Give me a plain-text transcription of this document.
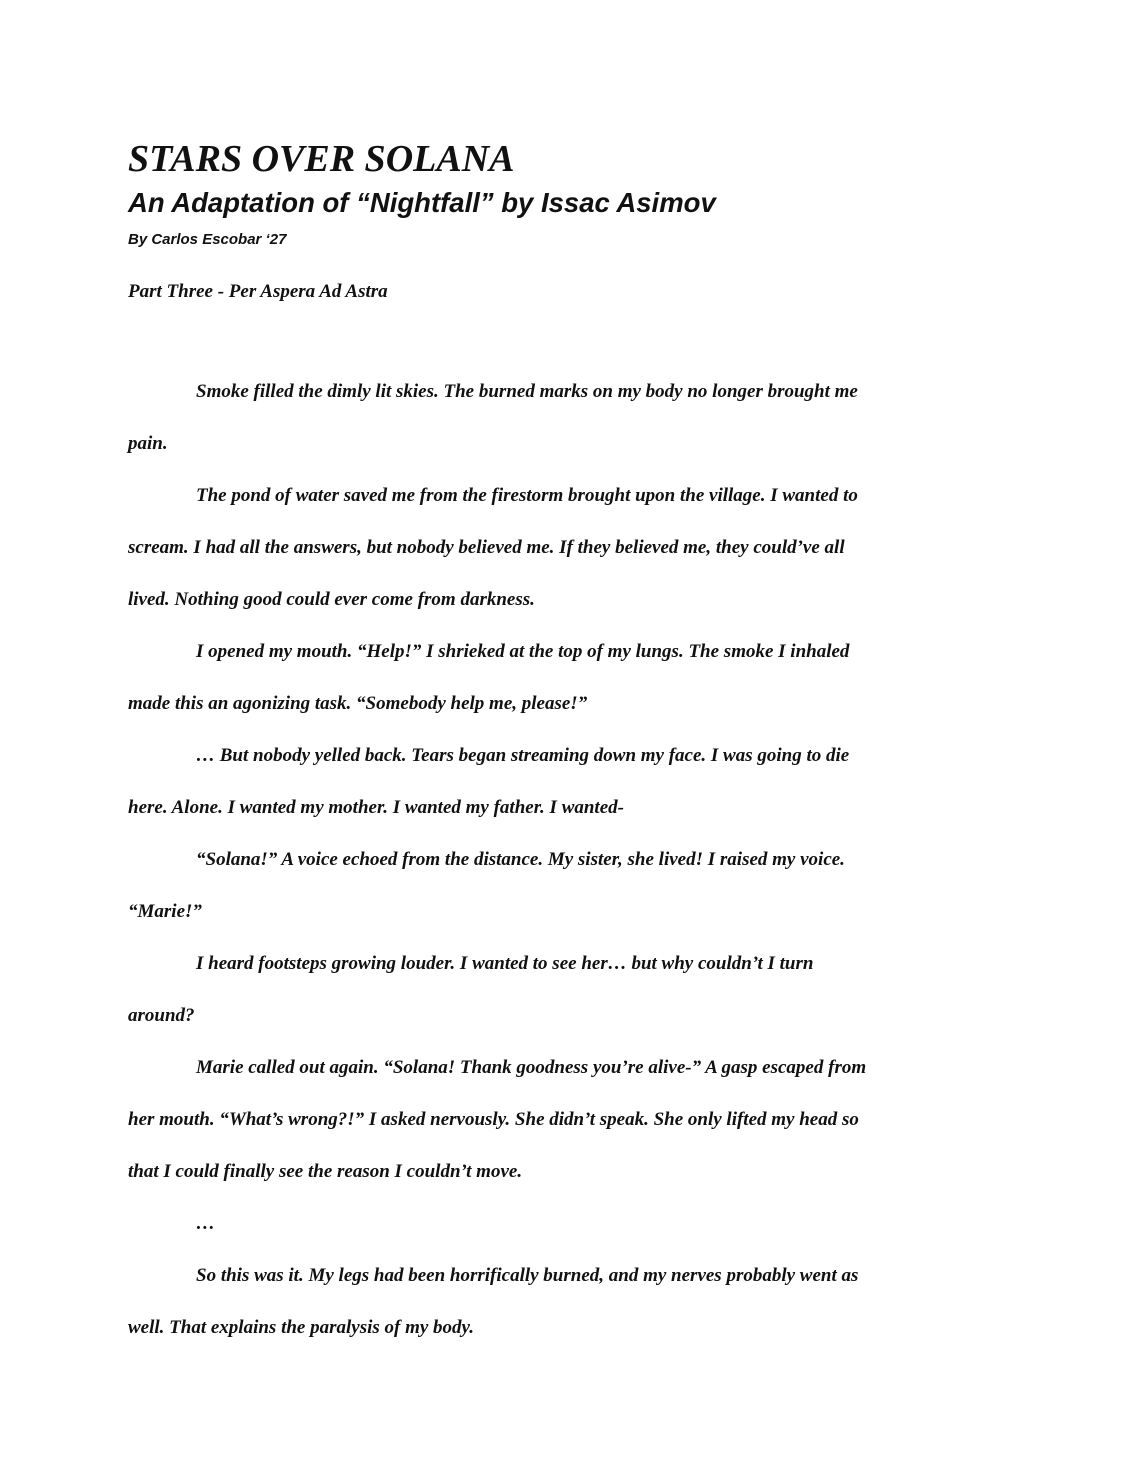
STARS OVER SOLANA
An Adaptation of “Nightfall” by Issac Asimov
By Carlos Escobar ‘27
Part Three - Per Aspera Ad Astra
Smoke filled the dimly lit skies. The burned marks on my body no longer brought me
pain.
The pond of water saved me from the firestorm brought upon the village. I wanted to
scream. I had all the answers, but nobody believed me. If they believed me, they could’ve all
lived. Nothing good could ever come from darkness.
I opened my mouth. “Help!” I shrieked at the top of my lungs. The smoke I inhaled
made this an agonizing task. “Somebody help me, please!”
… But nobody yelled back. Tears began streaming down my face. I was going to die
here. Alone. I wanted my mother. I wanted my father. I wanted-
“Solana!” A voice echoed from the distance. My sister, she lived! I raised my voice.
“Marie!”
I heard footsteps growing louder. I wanted to see her… but why couldn’t I turn
around?
Marie called out again. “Solana! Thank goodness you’re alive-” A gasp escaped from
her mouth. “What’s wrong?!” I asked nervously. She didn’t speak. She only lifted my head so
that I could finally see the reason I couldn’t move.
…
So this was it. My legs had been horrifically burned, and my nerves probably went as
well. That explains the paralysis of my body.
